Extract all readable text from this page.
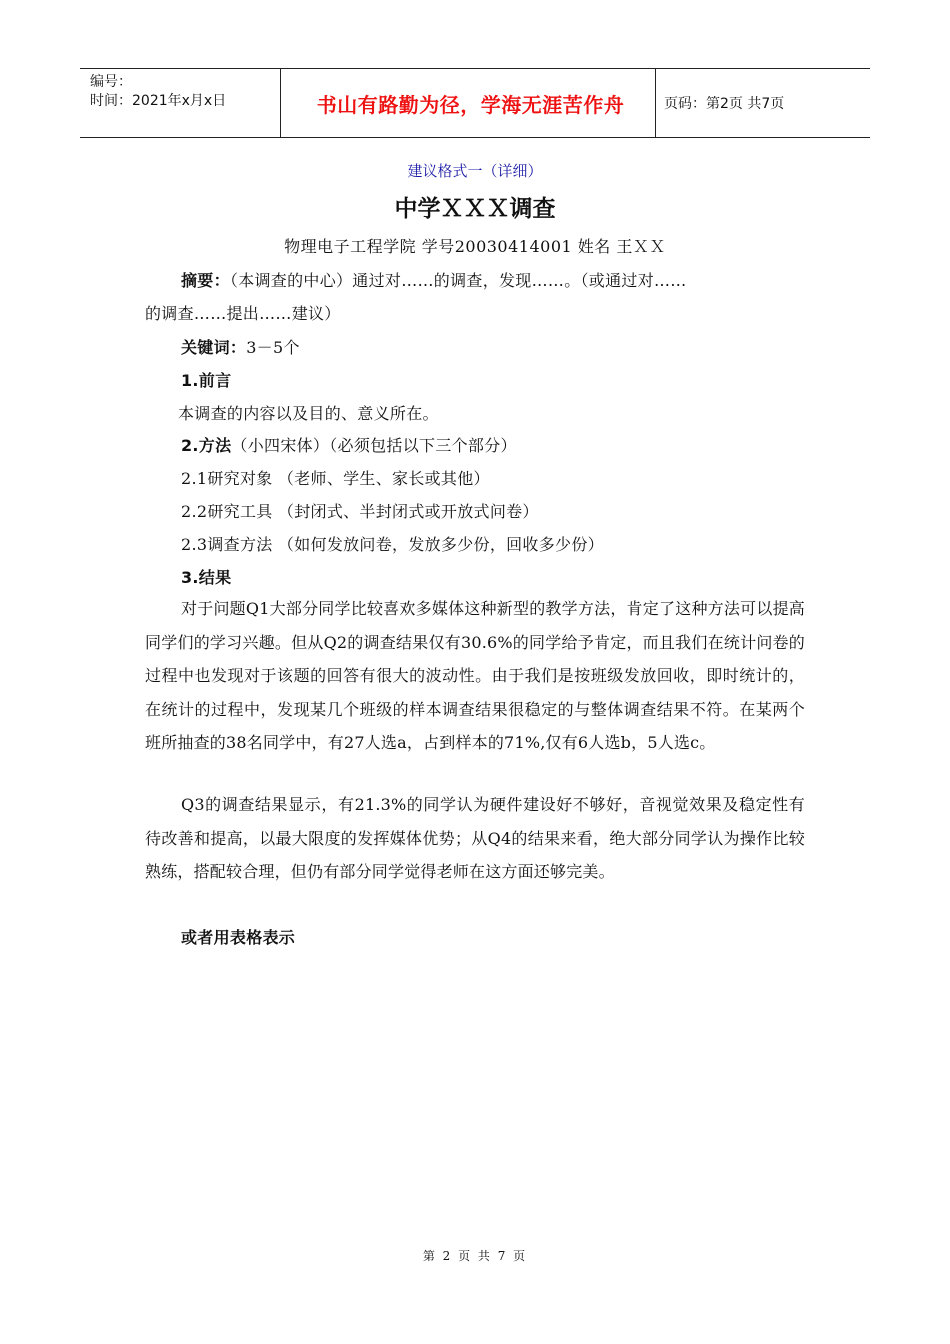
编号：
时间：2021年x月x日	书山有路勤为径，学海无涯苦作舟	页码：第2页 共7页
建议格式一（详细）
中学ＸＸＸ调查
物理电子工程学院 学号20030414001 姓名 王ＸＸ
摘要：（本调查的中心）通过对……的调查，发现……。（或通过对……
的调查……提出……建议）
关键词：3－5个
1.前言
本调查的内容以及目的、意义所在。
2.方法（小四宋体）（必须包括以下三个部分）
2.1研究对象 （老师、学生、家长或其他）
2.2研究工具 （封闭式、半封闭式或开放式问卷）
2.3调查方法 （如何发放问卷，发放多少份，回收多少份）
3.结果
对于问题Q1大部分同学比较喜欢多媒体这种新型的教学方法，肯定了这种方法可以提高同学们的学习兴趣。但从Q2的调查结果仅有30.6%的同学给予肯定，而且我们在统计问卷的过程中也发现对于该题的回答有很大的波动性。由于我们是按班级发放回收，即时统计的，在统计的过程中，发现某几个班级的样本调查结果很稳定的与整体调查结果不符。在某两个班所抽查的38名同学中，有27人选a，占到样本的71%,仅有6人选b，5人选c。
Q3的调查结果显示，有21.3%的同学认为硬件建设好不够好，音视觉效果及稳定性有待改善和提高，以最大限度的发挥媒体优势；从Q4的结果来看，绝大部分同学认为操作比较熟练，搭配较合理，但仍有部分同学觉得老师在这方面还够完美。
或者用表格表示
第 2 页 共 7 页
